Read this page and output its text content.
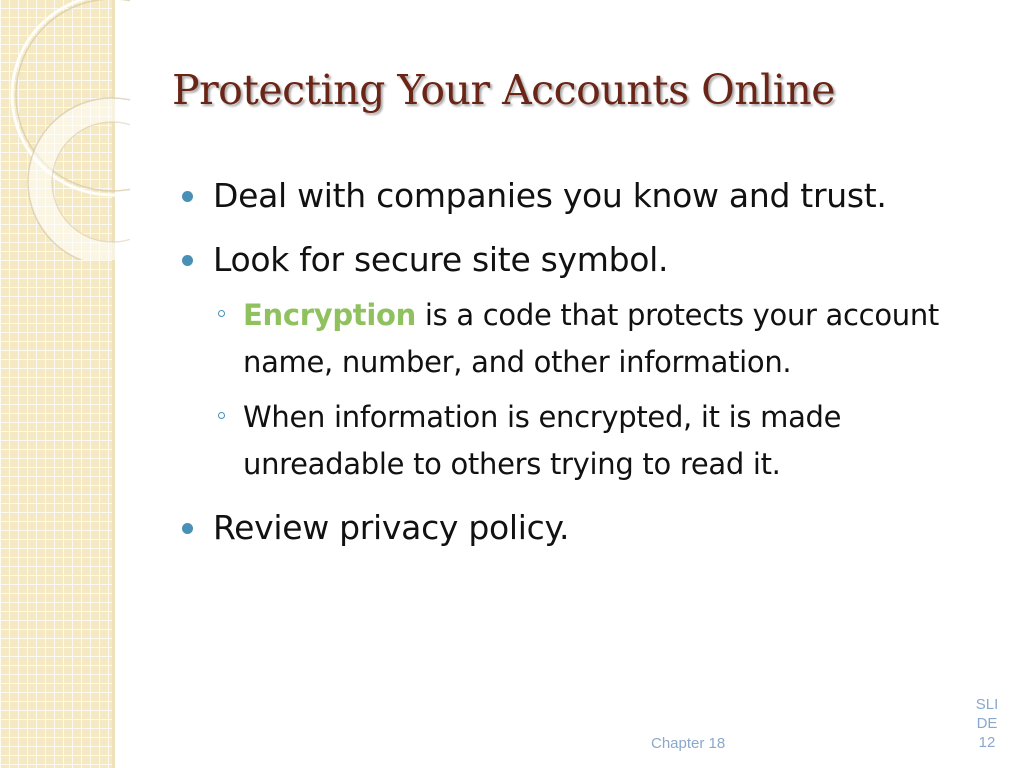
Protecting Your Accounts Online
Deal with companies you know and trust.
Look for secure site symbol.
Encryption is a code that protects your account name, number, and other information.
When information is encrypted, it is made unreadable to others trying to read it.
Review privacy policy.
Chapter 18
SLIDE
12
